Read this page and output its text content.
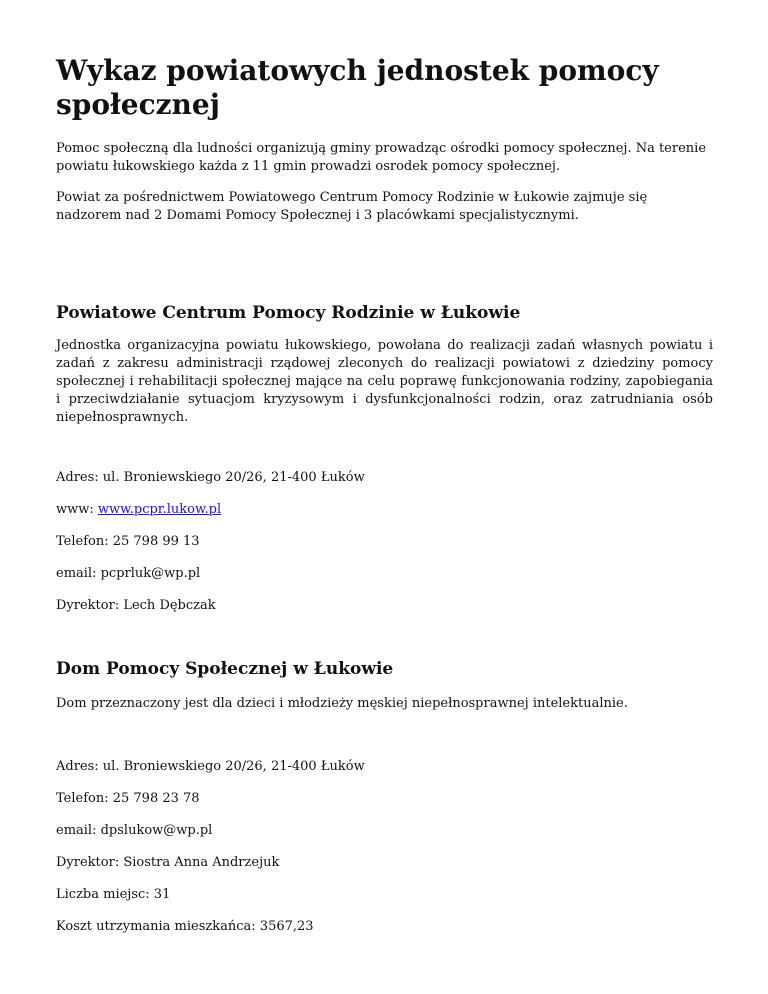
Wykaz powiatowych jednostek pomocy społecznej

Pomoc społeczną dla ludności organizują gminy prowadząc ośrodki pomocy społecznej. Na terenie powiatu łukowskiego każda z 11 gmin prowadzi osrodek pomocy społecznej.

Powiat za pośrednictwem Powiatowego Centrum Pomocy Rodzinie w Łukowie zajmuje się nadzorem nad 2 Domami Pomocy Społecznej i 3 placówkami specjalistycznymi.

Powiatowe Centrum Pomocy Rodzinie w Łukowie

Jednostka organizacyjna powiatu łukowskiego, powołana do realizacji zadań własnych powiatu i zadań z zakresu administracji rządowej zleconych do realizacji powiatowi z dziedziny pomocy społecznej i rehabilitacji społecznej mające na celu poprawę funkcjonowania rodziny, zapobiegania i przeciwdziałanie sytuacjom kryzysowym i dysfunkcjonalności rodzin, oraz zatrudniania osób niepełnosprawnych.

Adres: ul. Broniewskiego 20/26, 21-400 Łuków

www: www.pcpr.lukow.pl

Telefon: 25 798 99 13

email: pcprluk@wp.pl

Dyrektor: Lech Dębczak

Dom Pomocy Społecznej w Łukowie

Dom przeznaczony jest dla dzieci i młodzieży męskiej niepełnosprawnej intelektualnie.

Adres: ul. Broniewskiego 20/26, 21-400 Łuków

Telefon: 25 798 23 78

email: dpslukow@wp.pl

Dyrektor: Siostra Anna Andrzejuk

Liczba miejsc: 31

Koszt utrzymania mieszkańca: 3567,23
